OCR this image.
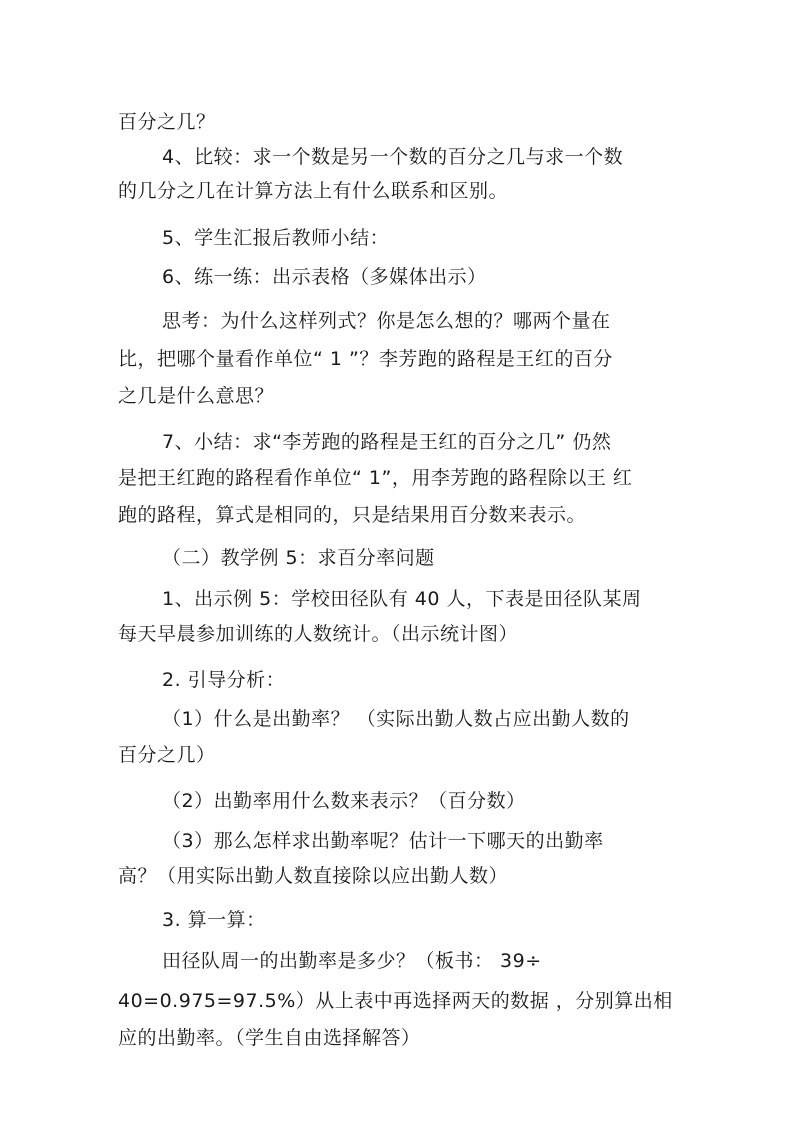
百分之几？
4、比较：求一个数是另一个数的百分之几与求一个数
的几分之几在计算方法上有什么联系和区别。
5、学生汇报后教师小结：
6、练一练：出示表格（多媒体出示）
思考：为什么这样列式？你是怎么想的？哪两个量在
比，把哪个量看作单位“ 1 ”？李芳跑的路程是王红的百分
之几是什么意思？
7、小结：求“李芳跑的路程是王红的百分之几” 仍然
是把王红跑的路程看作单位“ 1”，用李芳跑的路程除以王 红
跑的路程，算式是相同的，只是结果用百分数来表示。
（二）教学例 5：求百分率问题
1、出示例 5：学校田径队有 40 人，下表是田径队某周
每天早晨参加训练的人数统计。（出示统计图）
2. 引导分析：
（1）什么是出勤率？ （实际出勤人数占应出勤人数的
百分之几）
（2）出勤率用什么数来表示？（百分数）
（3）那么怎样求出勤率呢？估计一下哪天的出勤率
高？（用实际出勤人数直接除以应出勤人数）
3. 算一算：
田径队周一的出勤率是多少？（板书： 39÷
40=0.975=97.5%）从上表中再选择两天的数据 ，分别算出相
应的出勤率。（学生自由选择解答）
